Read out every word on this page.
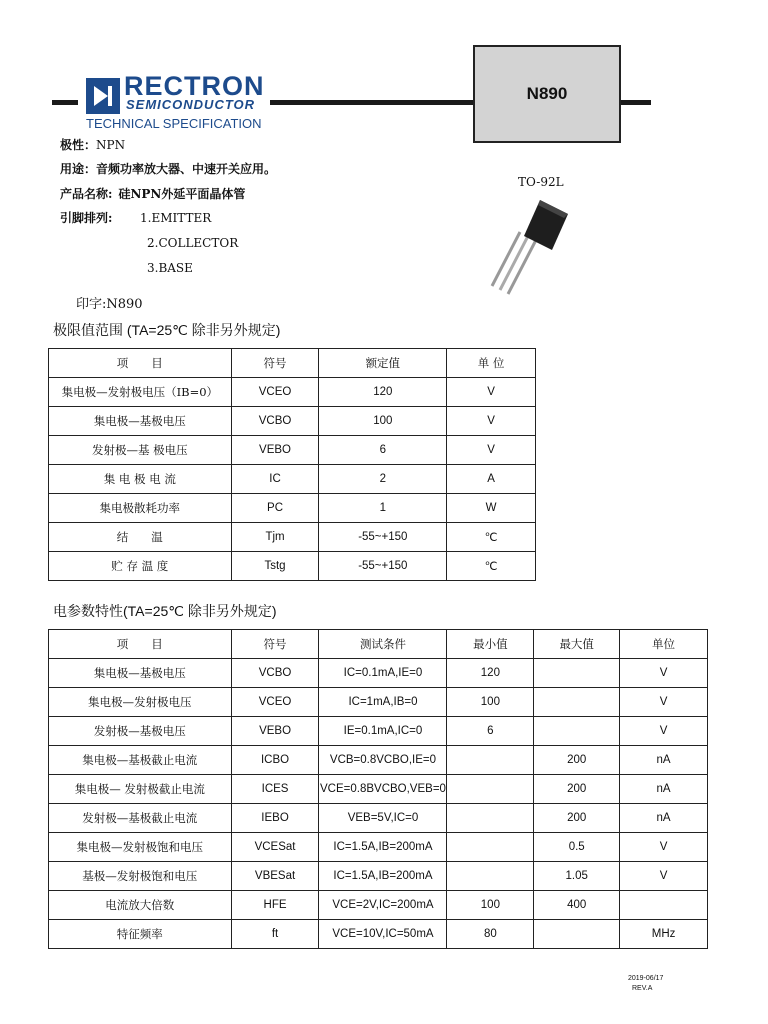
RECTRON
SEMICONDUCTOR
TECHNICAL SPECIFICATION
N890
极性：NPN
用途：音频功率放大器、中速开关应用。
产品名称: 硅NPN外延平面晶体管
引脚排列: 1.EMITTER
2.COLLECTOR
3.BASE
印字:N890
TO-92L
极限值范围 (TA=25℃ 除非另外规定)
项　　目	符号	额定值	单 位
集电极—发射极电压（IB=0）	VCEO	120	V
集电极—基极电压	VCBO	100	V
发射极—基 极电压	VEBO	6	V
集 电 极 电 流	IC	2	A
集电极散耗功率	PC	1	W
结　　温	Tjm	-55~+150	℃
贮 存 温 度	Tstg	-55~+150	℃
电参数特性(TA=25℃ 除非另外规定)
项　　目	符号	测试条件	最小值	最大值	单位
集电极—基极电压	VCBO	IC=0.1mA,IE=0	120		V
集电极—发射极电压	VCEO	IC=1mA,IB=0	100		V
发射极—基极电压	VEBO	IE=0.1mA,IC=0	6		V
集电极—基极截止电流	ICBO	VCB=0.8VCBO,IE=0		200	nA
集电极— 发射极截止电流	ICES	VCE=0.8BVCBO,VEB=0		200	nA
发射极—基极截止电流	IEBO	VEB=5V,IC=0		200	nA
集电极—发射极饱和电压	VCESat	IC=1.5A,IB=200mA		0.5	V
基极—发射极饱和电压	VBESat	IC=1.5A,IB=200mA		1.05	V
电流放大倍数	HFE	VCE=2V,IC=200mA	100	400	
特征频率	ft	VCE=10V,IC=50mA	80		MHz
2019-06/17
REV.A
